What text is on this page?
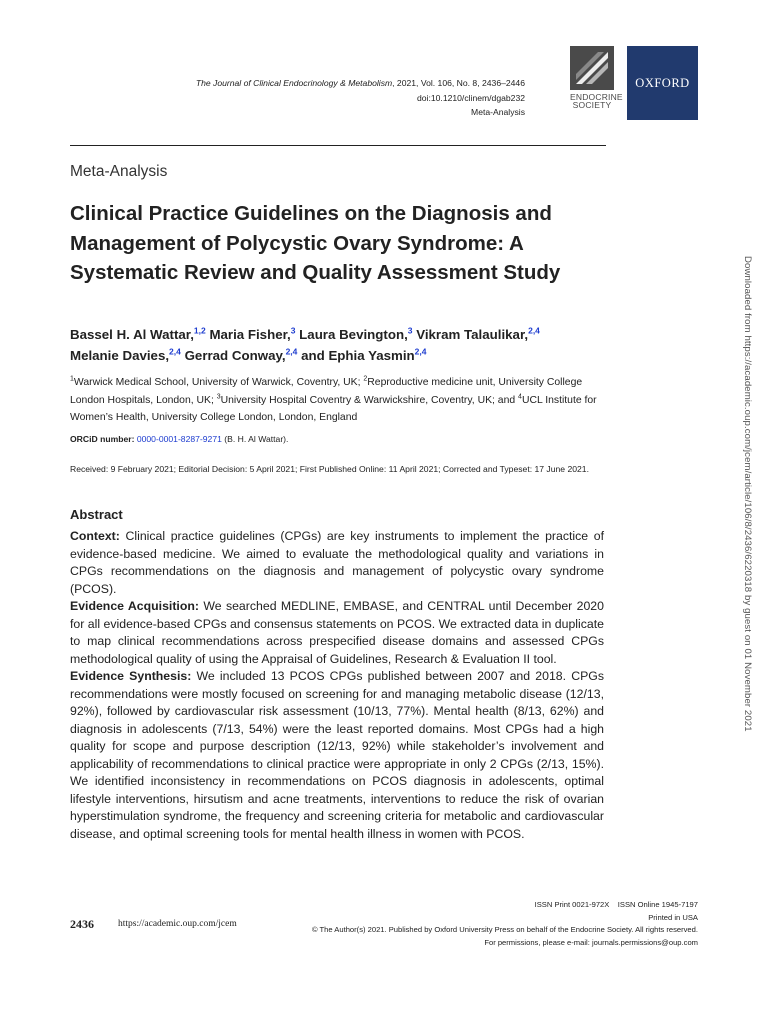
The Journal of Clinical Endocrinology & Metabolism, 2021, Vol. 106, No. 8, 2436–2446
doi:10.1210/clinem/dgab232
Meta-Analysis
ENDOCRINE
SOCIETY
OXFORD
Meta-Analysis
Clinical Practice Guidelines on the Diagnosis and Management of Polycystic Ovary Syndrome: A Systematic Review and Quality Assessment Study
Bassel H. Al Wattar,$^{1,2}$ Maria Fisher,$^3$ Laura Bevington,$^3$ Vikram Talaulikar,$^{2,4}$
Melanie Davies,$^{2,4}$ Gerrad Conway,$^{2,4}$ and Ephia Yasmin$^{2,4}$
$^1$Warwick Medical School, University of Warwick, Coventry, UK; $^2$Reproductive medicine unit, University College London Hospitals, London, UK; $^3$University Hospital Coventry & Warwickshire, Coventry, UK; and $^4$UCL Institute for Women’s Health, University College London, London, England
ORCiD number: 0000-0001-8287-9271 (B. H. Al Wattar).
Received: 9 February 2021; Editorial Decision: 5 April 2021; First Published Online: 11 April 2021; Corrected and Typeset: 17 June 2021.
Abstract

Context: Clinical practice guidelines (CPGs) are key instruments to implement the practice of evidence-based medicine. We aimed to evaluate the methodological quality and variations in CPGs recommendations on the diagnosis and management of polycystic ovary syndrome (PCOS).

Evidence Acquisition: We searched MEDLINE, EMBASE, and CENTRAL until December 2020 for all evidence-based CPGs and consensus statements on PCOS. We extracted data in duplicate to map clinical recommendations across prespecified disease domains and assessed CPGs methodological quality of using the Appraisal of Guidelines, Research & Evaluation II tool.

Evidence Synthesis: We included 13 PCOS CPGs published between 2007 and 2018. CPGs recommendations were mostly focused on screening for and managing metabolic disease (12/13, 92%), followed by cardiovascular risk assessment (10/13, 77%). Mental health (8/13, 62%) and diagnosis in adolescents (7/13, 54%) were the least reported domains. Most CPGs had a high quality for scope and purpose description (12/13, 92%) while stakeholder’s involvement and applicability of recommendations to clinical practice were appropriate in only 2 CPGs (2/13, 15%). We identified inconsistency in recommendations on PCOS diagnosis in adolescents, optimal lifestyle interventions, hirsutism and acne treatments, interventions to reduce the risk of ovarian hyperstimulation syndrome, the frequency and screening criteria for metabolic and cardiovascular disease, and optimal screening tools for mental health illness in women with PCOS.

Downloaded from https://academic.oup.com/jcem/article/106/8/2436/6220318 by guest on 01 November 2021
2436	https://academic.oup.com/jcem
ISSN Print 0021-972X    ISSN Online 1945-7197
Printed in USA
© The Author(s) 2021. Published by Oxford University Press on behalf of the Endocrine Society. All rights reserved.
For permissions, please e-mail: journals.permissions@oup.com
